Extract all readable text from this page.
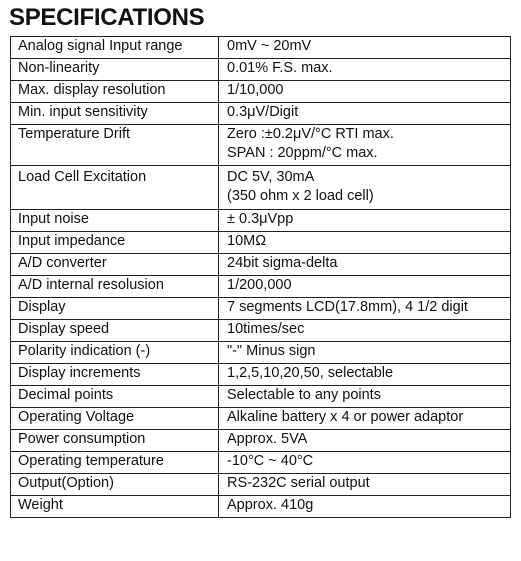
SPECIFICATIONS
Analog signal Input range	0mV ~ 20mV

Non-linearity	0.01% F.S. max.

Max. display resolution	1/10,000

Min. input sensitivity	0.3μV/Digit

Temperature Drift	Zero :±0.2μV/°C RTI max.
SPAN : 20ppm/°C max.

Load Cell Excitation	DC 5V, 30mA
(350 ohm x 2 load cell)

Input noise	± 0.3μVpp

Input impedance	10MΩ

A/D converter	24bit sigma-delta

A/D internal resolusion	1/200,000

Display	7 segments LCD(17.8mm), 4 1/2 digit

Display speed	10times/sec

Polarity indication (-)	"-" Minus sign

Display increments	1,2,5,10,20,50, selectable

Decimal points	Selectable to any points

Operating Voltage	Alkaline battery x 4 or power adaptor

Power consumption	Approx. 5VA

Operating temperature	-10°C ~ 40°C

Output(Option)	RS-232C serial output

Weight	Approx. 410g
